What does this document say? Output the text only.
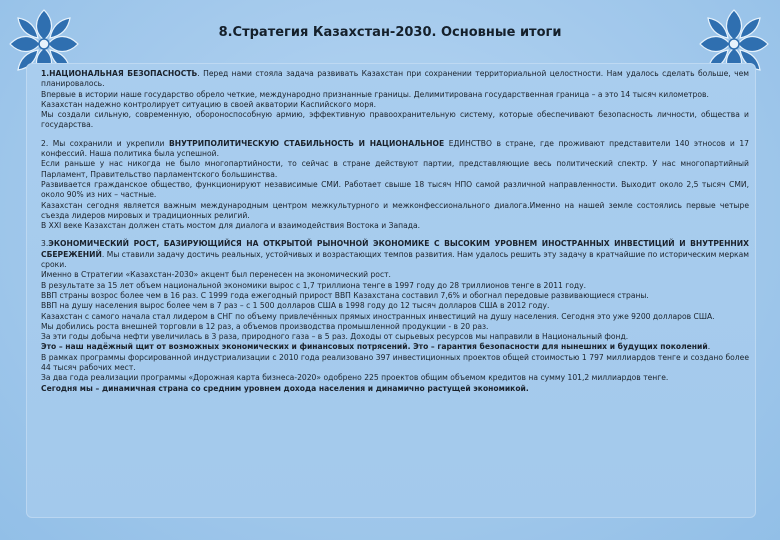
8.Стратегия Казахстан-2030. Основные итоги

1.НАЦИОНАЛЬНАЯ БЕЗОПАСНОСТЬ. Перед нами стояла задача развивать Казахстан при сохранении территориальной целостности. Нам удалось сделать больше, чем планировалось.

Впервые в истории наше государство обрело четкие, международно признанные границы. Делимитирована государственная граница – а это 14 тысяч километров.

Казахстан надежно контролирует ситуацию в своей акватории Каспийского моря.

Мы создали сильную, современную, обороноспособную армию, эффективную правоохранительную систему, которые обеспечивают безопасность личности, общества и государства.

2. Мы сохранили и укрепили ВНУТРИПОЛИТИЧЕСКУЮ СТАБИЛЬНОСТЬ И НАЦИОНАЛЬНОЕ ЕДИНСТВО в стране, где проживают представители 140 этносов и 17 конфессий. Наша политика была успешной.

Если раньше у нас никогда не было многопартийности, то сейчас в стране действуют партии, представляющие весь политический спектр. У нас многопартийный Парламент, Правительство парламентского большинства.

Развивается гражданское общество, функционируют независимые СМИ. Работает свыше 18 тысяч НПО самой различной направленности. Выходит около 2,5 тысяч СМИ, около 90% из них – частные.

Казахстан сегодня является важным международным центром межкультурного и межконфессионального диалога.Именно на нашей земле состоялись первые четыре съезда лидеров мировых и традиционных религий.

В XXI веке Казахстан должен стать мостом для диалога и взаимодействия Востока и Запада.

3.ЭКОНОМИЧЕСКИЙ РОСТ, БАЗИРУЮЩИЙСЯ НА ОТКРЫТОЙ РЫНОЧНОЙ ЭКОНОМИКЕ С ВЫСОКИМ УРОВНЕМ ИНОСТРАННЫХ ИНВЕСТИЦИЙ И ВНУТРЕННИХ СБЕРЕЖЕНИЙ. Мы ставили задачу достичь реальных, устойчивых и возрастающих темпов развития. Нам удалось решить эту задачу в кратчайшие по историческим меркам сроки.

Именно в Стратегии «Казахстан-2030» акцент был перенесен на экономический рост.

В результате за 15 лет объем национальной экономики вырос с 1,7 триллиона тенге в 1997 году до 28 триллионов тенге в 2011 году.

ВВП страны возрос более чем в 16 раз. С 1999 года ежегодный прирост ВВП Казахстана составил 7,6% и обогнал передовые развивающиеся страны.

ВВП на душу населения вырос более чем в 7 раз – с 1 500 долларов США в 1998 году до 12 тысяч долларов США в 2012 году.

Казахстан с самого начала стал лидером в СНГ по объему привлечённых прямых иностранных инвестиций на душу населения. Сегодня это уже 9200 долларов США.

Мы добились роста внешней торговли в 12 раз, а объемов производства промышленной продукции - в 20 раз.

За эти годы добыча нефти увеличилась в 3 раза, природного газа – в 5 раз. Доходы от сырьевых ресурсов мы направили в Национальный фонд.

Это – наш надёжный щит от возможных экономических и финансовых потрясений. Это – гарантия безопасности для нынешних и будущих поколений.

В рамках программы форсированной индустриализации с 2010 года реализовано 397 инвестиционных проектов общей стоимостью 1 797 миллиардов тенге и создано более 44 тысяч рабочих мест.

За два года реализации программы «Дорожная карта бизнеса-2020» одобрено 225 проектов общим объемом кредитов на сумму 101,2 миллиардов тенге.

Сегодня мы – динамичная страна со средним уровнем дохода населения и динамично растущей экономикой.
